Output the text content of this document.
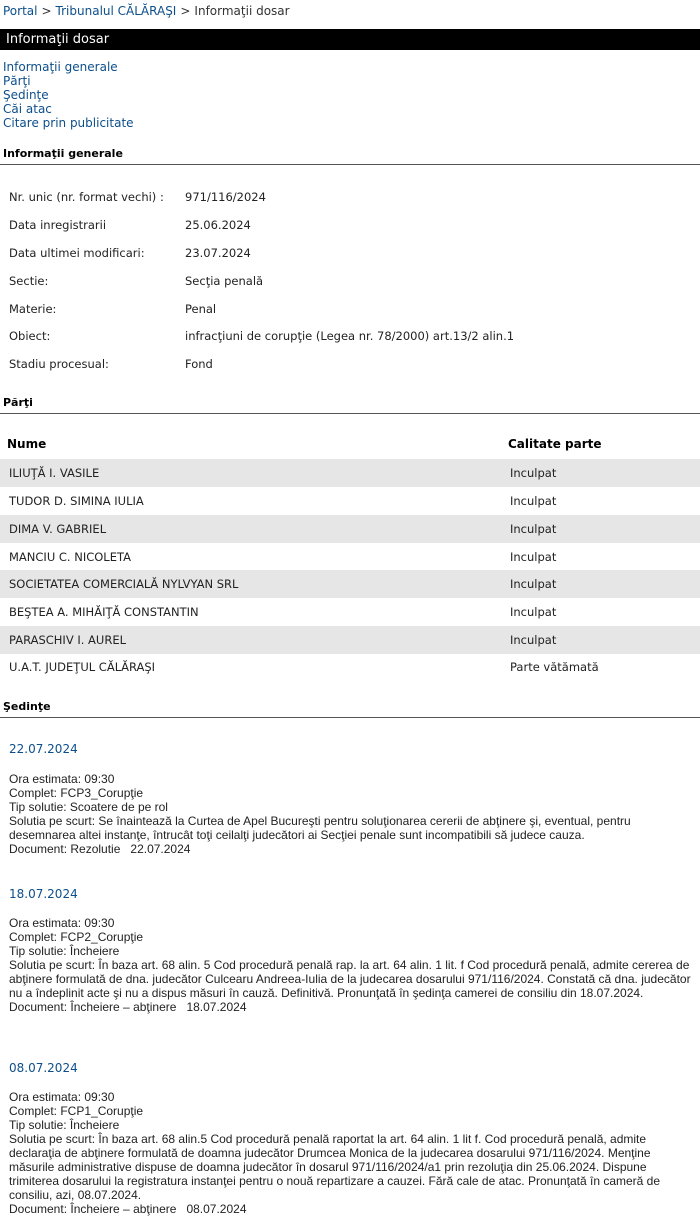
Portal > Tribunalul CĂLĂRAŞI > Informaţii dosar
Informaţii dosar
Informaţii generale
Părţi
Şedinţe
Căi atac
Citare prin publicitate
Informaţii generale
Nr. unic (nr. format vechi) : 971/116/2024
Data inregistrarii	25.06.2024
Data ultimei modificari:	23.07.2024
Sectie:	Secţia penală
Materie:	Penal
Obiect:	infracţiuni de corupţie (Legea nr. 78/2000) art.13/2 alin.1
Stadiu procesual:	Fond
Părţi
Nume	Calitate parte
ILIUŢĂ I. VASILE	Inculpat
TUDOR D. SIMINA IULIA	Inculpat
DIMA V. GABRIEL	Inculpat
MANCIU C. NICOLETA	Inculpat
SOCIETATEA COMERCIALĂ NYLVYAN SRL	Inculpat
BEŞTEA A. MIHĂIŢĂ CONSTANTIN	Inculpat
PARASCHIV I. AUREL	Inculpat
U.A.T. JUDEŢUL CĂLĂRAŞI	Parte vătămată
Şedinţe
22.07.2024
Ora estimata: 09:30
Complet: FCP3_Corupţie
Tip solutie: Scoatere de pe rol
Solutia pe scurt: Se înaintează la Curtea de Apel Bucureşti pentru soluţionarea cererii de abţinere şi, eventual, pentru desemnarea altei instanţe, întrucât toţi ceilalţi judecători ai Secţiei penale sunt incompatibili să judece cauza.
Document: Rezolutie 22.07.2024
18.07.2024
Ora estimata: 09:30
Complet: FCP2_Corupţie
Tip solutie: Încheiere
Solutia pe scurt: În baza art. 68 alin. 5 Cod procedură penală rap. la art. 64 alin. 1 lit. f Cod procedură penală, admite cererea de abţinere formulată de dna. judecător Culcearu Andreea-Iulia de la judecarea dosarului 971/116/2024. Constată că dna. judecător nu a îndeplinit acte şi nu a dispus măsuri în cauză. Definitivă. Pronunţată în şedinţa camerei de consiliu din 18.07.2024.
Document: Încheiere – abţinere 18.07.2024
08.07.2024
Ora estimata: 09:30
Complet: FCP1_Corupţie
Tip solutie: Încheiere
Solutia pe scurt: În baza art. 68 alin.5 Cod procedură penală raportat la art. 64 alin. 1 lit f. Cod procedură penală, admite declaraţia de abţinere formulată de doamna judecător Drumcea Monica de la judecarea dosarului 971/116/2024. Menţine măsurile administrative dispuse de doamna judecător în dosarul 971/116/2024/a1 prin rezoluţia din 25.06.2024. Dispune trimiterea dosarului la registratura instanţei pentru o nouă repartizare a cauzei. Fără cale de atac. Pronunţată în cameră de consiliu, azi, 08.07.2024.
Document: Încheiere – abţinere 08.07.2024
